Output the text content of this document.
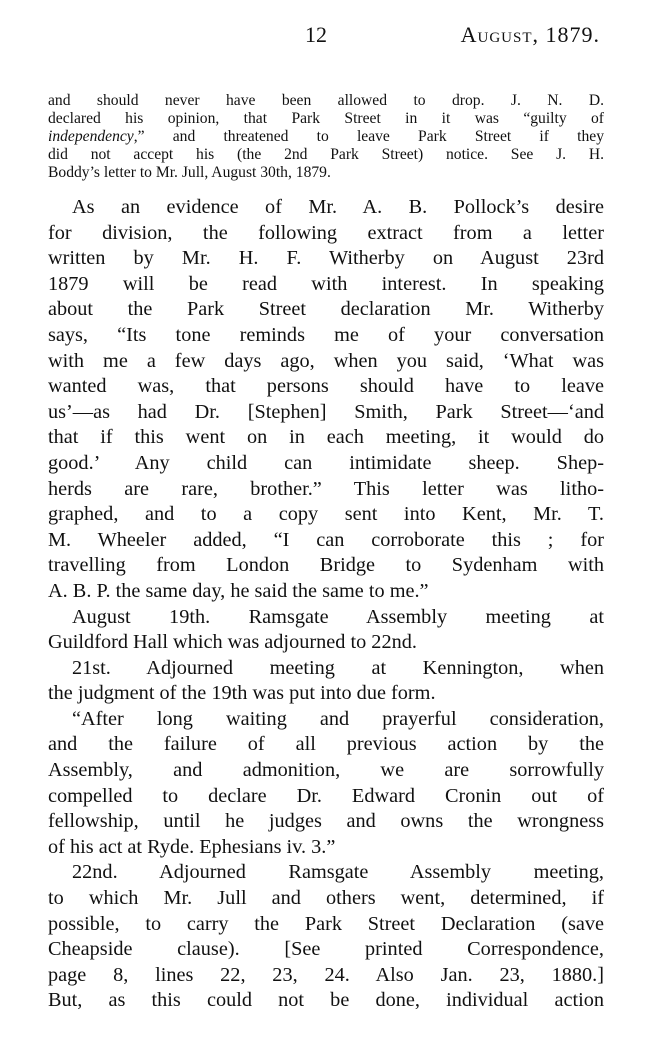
12	August, 1879.
and should never have been allowed to drop. J. N. D.
declared his opinion, that Park Street in it was “guilty of
independency,” and threatened to leave Park Street if they
did not accept his (the 2nd Park Street) notice. See J. H.
Boddy’s letter to Mr. Jull, August 30th, 1879.
As an evidence of Mr. A. B. Pollock’s desire
for division, the following extract from a letter
written by Mr. H. F. Witherby on August 23rd
1879 will be read with interest. In speaking
about the Park Street declaration Mr. Witherby
says, “Its tone reminds me of your conversation
with me a few days ago, when you said, ‘What was
wanted was, that persons should have to leave
us’—as had Dr. [Stephen] Smith, Park Street—‘and
that if this went on in each meeting, it would do
good.’ Any child can intimidate sheep. Shep-
herds are rare, brother.” This letter was litho-
graphed, and to a copy sent into Kent, Mr. T.
M. Wheeler added, “I can corroborate this ; for
travelling from London Bridge to Sydenham with
A. B. P. the same day, he said the same to me.”
August 19th. Ramsgate Assembly meeting at
Guildford Hall which was adjourned to 22nd.
21st. Adjourned meeting at Kennington, when
the judgment of the 19th was put into due form.
“After long waiting and prayerful consideration,
and the failure of all previous action by the
Assembly, and admonition, we are sorrowfully
compelled to declare Dr. Edward Cronin out of
fellowship, until he judges and owns the wrongness
of his act at Ryde. Ephesians iv. 3.”
22nd. Adjourned Ramsgate Assembly meeting,
to which Mr. Jull and others went, determined, if
possible, to carry the Park Street Declaration (save
Cheapside clause). [See printed Correspondence,
page 8, lines 22, 23, 24. Also Jan. 23, 1880.]
But, as this could not be done, individual action
